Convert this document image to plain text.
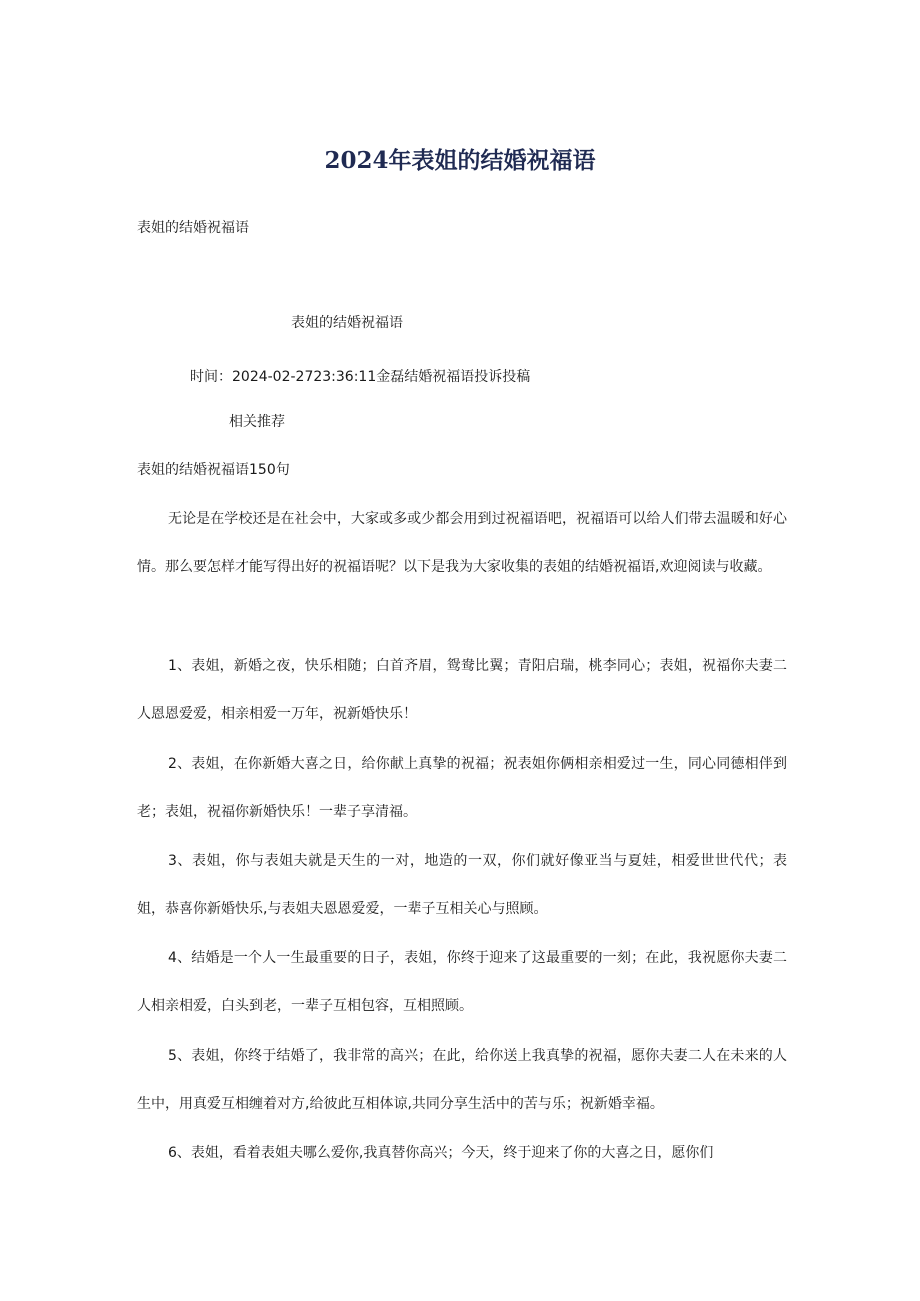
2024年表姐的结婚祝福语
表姐的结婚祝福语
表姐的结婚祝福语
时间：2024-02-2723:36:11金磊结婚祝福语投诉投稿
相关推荐
表姐的结婚祝福语150句
无论是在学校还是在社会中，大家或多或少都会用到过祝福语吧，祝福语可以给人们带去温暖和好心情。那么要怎样才能写得出好的祝福语呢？以下是我为大家收集的表姐的结婚祝福语,欢迎阅读与收藏。
1、表姐，新婚之夜，快乐相随；白首齐眉，鸳鸯比翼；青阳启瑞，桃李同心；表姐，祝福你夫妻二人恩恩爱爱，相亲相爱一万年，祝新婚快乐！
2、表姐，在你新婚大喜之日，给你献上真挚的祝福；祝表姐你俩相亲相爱过一生，同心同德相伴到老；表姐，祝福你新婚快乐！一辈子享清福。
3、表姐，你与表姐夫就是天生的一对，地造的一双，你们就好像亚当与夏娃，相爱世世代代；表姐，恭喜你新婚快乐,与表姐夫恩恩爱爱，一辈子互相关心与照顾。
4、结婚是一个人一生最重要的日子，表姐，你终于迎来了这最重要的一刻；在此，我祝愿你夫妻二人相亲相爱，白头到老，一辈子互相包容，互相照顾。
5、表姐，你终于结婚了，我非常的高兴；在此，给你送上我真挚的祝福，愿你夫妻二人在未来的人生中，用真爱互相缠着对方,给彼此互相体谅,共同分享生活中的苦与乐；祝新婚幸福。
6、表姐，看着表姐夫哪么爱你,我真替你高兴；今天，终于迎来了你的大喜之日，愿你们
